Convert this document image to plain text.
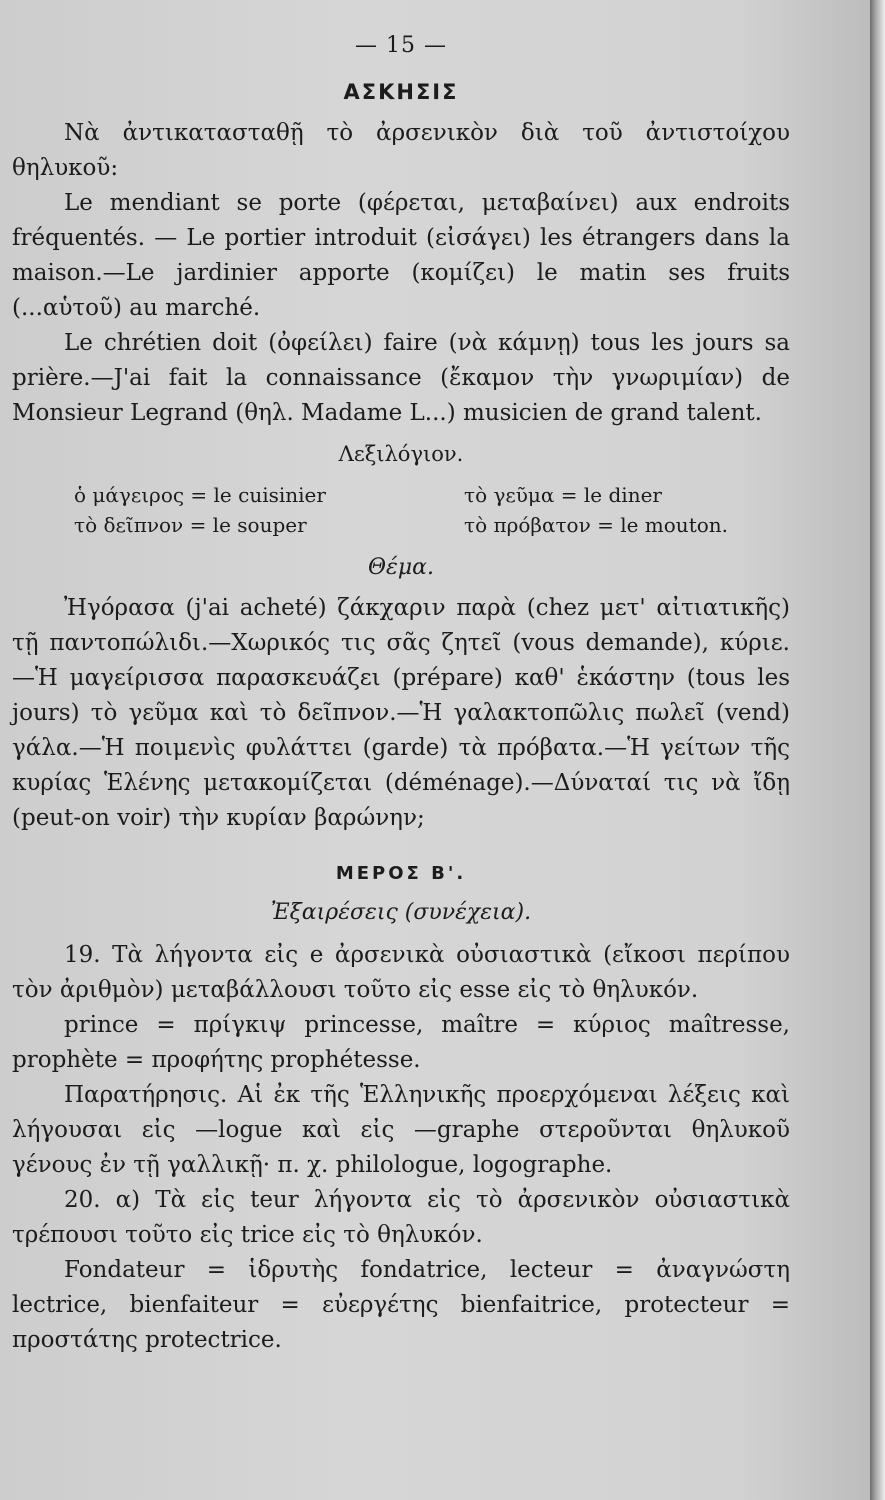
— 15 —
ΑΣΚΗΣΙΣ

Νὰ ἀντικατασταθῇ τὸ ἀρσενικὸν διὰ τοῦ ἀντιστοίχου θηλυκοῦ:

Le mendiant se porte (φέρεται, μεταβαίνει) aux endroits fréquentés. — Le portier introduit (εἰσάγει) les étrangers dans la maison.—Le jardinier apporte (κομίζει) le matin ses fruits (...αὑτοῦ) au marché.

Le chrétien doit (ὀφείλει) faire (νὰ κάμνῃ) tous les jours sa prière.—J'ai fait la connaissance (ἔκαμον τὴν γνωριμίαν) de Monsieur Legrand (θηλ. Madame L...) musicien de grand talent.

Λεξιλόγιον.
ὁ μάγειρος = le cuisinier	τὸ γεῦμα = le diner
τὸ δεῖπνον = le souper	τὸ πρόβατον = le mouton.
Θέμα.

Ἠγόρασα (j'ai acheté) ζάκχαριν παρὰ (chez μετ' αἰτιατικῆς) τῇ παντοπώλιδι.—Χωρικός τις σᾶς ζητεῖ (vous demande), κύριε. —Ἡ μαγείρισσα παρασκευάζει (prépare) καθ' ἑκάστην (tous les jours) τὸ γεῦμα καὶ τὸ δεῖπνον.—Ἡ γαλακτοπῶλις πωλεῖ (vend) γάλα.—Ἡ ποιμενὶς φυλάττει (garde) τὰ πρόβατα.—Ἡ γείτων τῆς κυρίας Ἑλένης μετακομίζεται (déménage).—Δύναταί τις νὰ ἴδῃ (peut-on voir) τὴν κυρίαν βαρώνην;

ΜΕΡΟΣ Β'.
Ἐξαιρέσεις (συνέχεια).

19. Τὰ λήγοντα εἰς e ἀρσενικὰ οὐσιαστικὰ (εἴκοσι περίπου τὸν ἀριθμὸν) μεταβάλλουσι τοῦτο εἰς esse εἰς τὸ θηλυκόν.

prince = πρίγκιψ princesse, maître = κύριος maîtresse, prophète = προφήτης prophétesse.

Παρατήρησις. Αἱ ἐκ τῆς Ἑλληνικῆς προερχόμεναι λέξεις καὶ λήγουσαι εἰς —logue καὶ εἰς —graphe στεροῦνται θηλυκοῦ γένους ἐν τῇ γαλλικῇ· π. χ. philologue, logographe.

20. α) Τὰ εἰς teur λήγοντα εἰς τὸ ἀρσενικὸν οὐσιαστικὰ τρέπουσι τοῦτο εἰς trice εἰς τὸ θηλυκόν.

Fondateur = ἱδρυτὴς fondatrice, lecteur = ἀναγνώστη lectrice, bienfaiteur = εὐεργέτης bienfaitrice, protecteur = προστάτης protectrice.
